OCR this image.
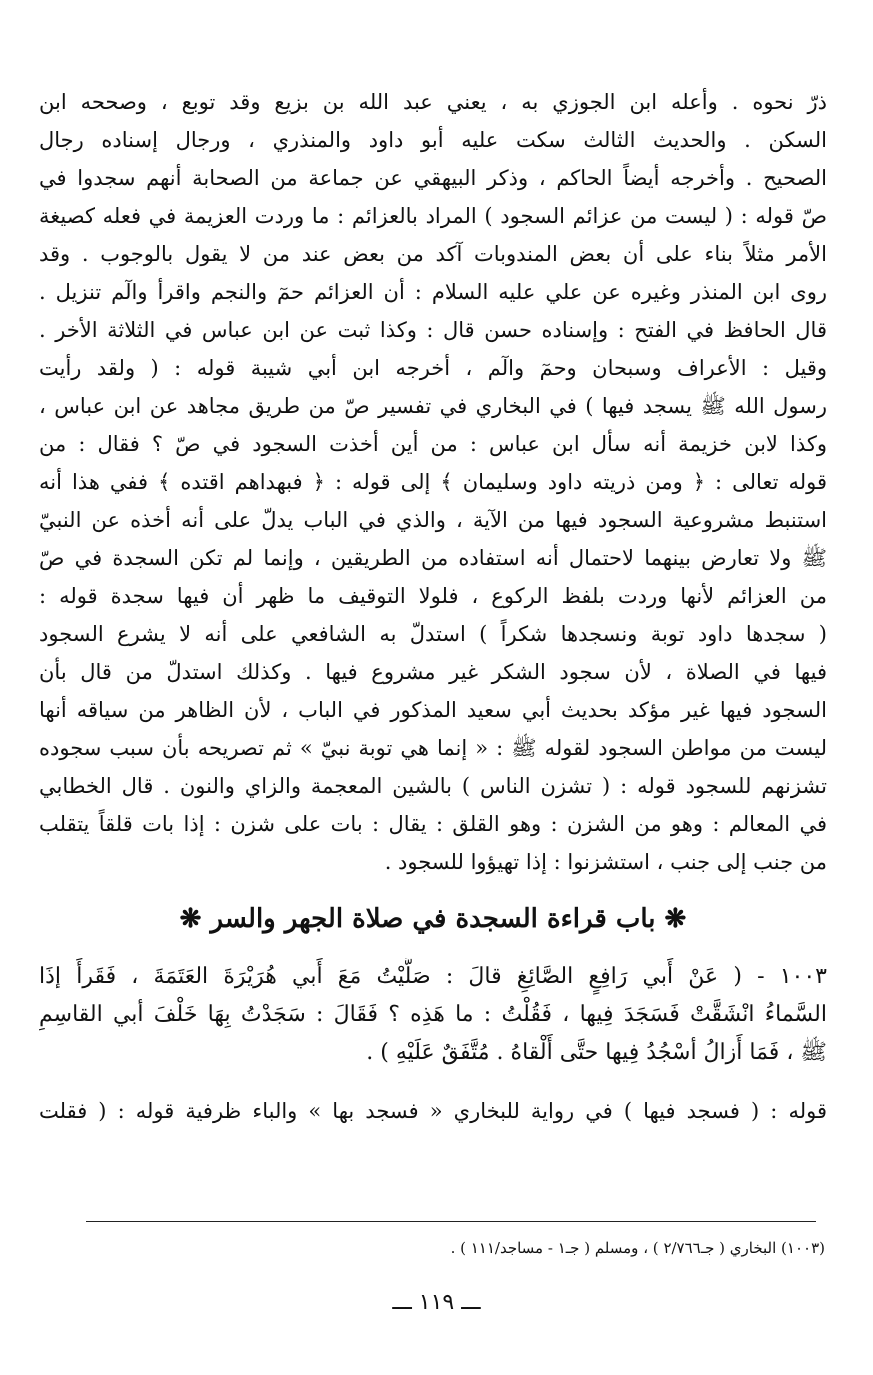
ذرّ نحوه . وأعله ابن الجوزي به ، يعني عبد الله بن بزيع وقد توبع ، وصححه ابن
السكن . والحديث الثالث سكت عليه أبو داود والمنذري ، ورجال إسناده رجال
الصحيح . وأخرجه أيضاً الحاكم ، وذكر البيهقي عن جماعة من الصحابة أنهم سجدوا في
صّ قوله : ( ليست من عزائم السجود ) المراد بالعزائم : ما وردت العزيمة في فعله كصيغة
الأمر مثلاً بناء على أن بعض المندوبات آكد من بعض عند من لا يقول بالوجوب . وقد
روى ابن المنذر وغيره عن علي عليه السلام : أن العزائم حمٓ والنجم واقرأ والٓم تنزيل .
قال الحافظ في الفتح : وإسناده حسن قال : وكذا ثبت عن ابن عباس في الثلاثة الأخر .
وقيل : الأعراف وسبحان وحمٓ والٓم ، أخرجه ابن أبي شيبة قوله : ( ولقد رأيت
رسول الله ﷺ يسجد فيها ) في البخاري في تفسير صّ من طريق مجاهد عن ابن عباس ،
وكذا لابن خزيمة أنه سأل ابن عباس : من أين أخذت السجود في صّ ؟ فقال : من
قوله تعالى : ﴿ ومن ذريته داود وسليمان ﴾ إلى قوله : ﴿ فبهداهم اقتده ﴾ ففي هذا أنه
استنبط مشروعية السجود فيها من الآية ، والذي في الباب يدلّ على أنه أخذه عن النبيّ
ﷺ ولا تعارض بينهما لاحتمال أنه استفاده من الطريقين ، وإنما لم تكن السجدة في صّ
من العزائم لأنها وردت بلفظ الركوع ، فلولا التوقيف ما ظهر أن فيها سجدة قوله :
( سجدها داود توبة ونسجدها شكراً ) استدلّ به الشافعي على أنه لا يشرع السجود
فيها في الصلاة ، لأن سجود الشكر غير مشروع فيها . وكذلك استدلّ من قال بأن
السجود فيها غير مؤكد بحديث أبي سعيد المذكور في الباب ، لأن الظاهر من سياقه أنها
ليست من مواطن السجود لقوله ﷺ : « إنما هي توبة نبيّ » ثم تصريحه بأن سبب سجوده
تشزنهم للسجود قوله : ( تشزن الناس ) بالشين المعجمة والزاي والنون . قال الخطابي
في المعالم : وهو من الشزن : وهو القلق : يقال : بات على شزن : إذا بات قلقاً يتقلب
من جنب إلى جنب ، استشزنوا : إذا تهيؤوا للسجود .
❋ باب قراءة السجدة في صلاة الجهر والسر ❋
١٠٠٣ - ( عَنْ أَبي رَافِعٍ الصَّائِغِ قالَ : صَلَّيْتُ مَعَ أَبي هُرَيْرَةَ العَتَمَةَ ، فَقَرأَ إذَا
السَّماءُ انْشَقَّتْ فَسَجَدَ فِيها ، فَقُلْتُ : ما هَذِه ؟ فَقَالَ : سَجَدْتُ بِهَا خَلْفَ أبي القاسِمِ
ﷺ ، فَمَا أَزالُ أسْجُدُ فِيها حتَّى أَلْقاهُ . مُتَّفَقٌ عَلَيْهِ ) .
قوله : ( فسجد فيها ) في رواية للبخاري « فسجد بها » والباء ظرفية قوله : ( فقلت
(١٠٠٣) البخاري ( جـ٢/٧٦٦ ) ، ومسلم ( جـ١ - مساجد/١١١ ) .
ـــ ١١٩ ـــ
